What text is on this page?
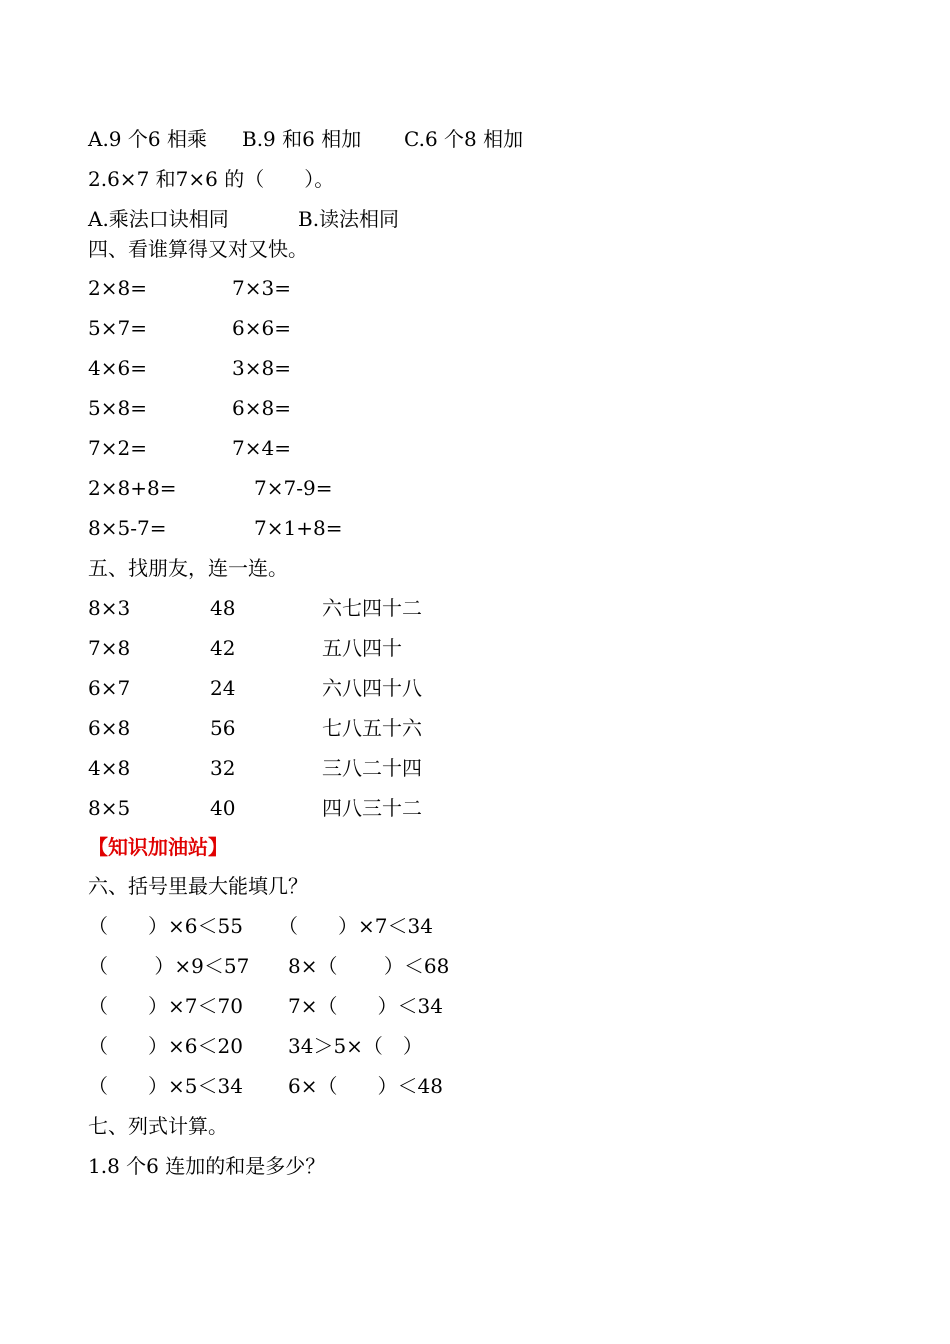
A.9 个6 相乘 B.9 和6 相加 C.6 个8 相加
2.6×7 和7×6 的（　　）。
A.乘法口诀相同	B.读法相同
四、看谁算得又对又快。
2×8=	7×3=
5×7=	6×6=
4×6=	3×8=
5×8=	6×8=
7×2=	7×4=
2×8+8=	7×7-9=
8×5-7=	7×1+8=
五、找朋友，连一连。
8×3	48	六七四十二
7×8	42	五八四十
6×7	24	六八四十八
6×8	56	七八五十六
4×8	32	三八二十四
8×5	40	四八三十二
【知识加油站】
六、括号里最大能填几？
（　　）×6＜55 （　　）×7＜34
（　　 ）×9＜57 8×（　　 ）＜68
（　　）×7＜70 7×（　　）＜34
（　　）×6＜20 34＞5×（　）
（　　）×5＜34 6×（　　）＜48
七、列式计算。
1.8 个6 连加的和是多少？
